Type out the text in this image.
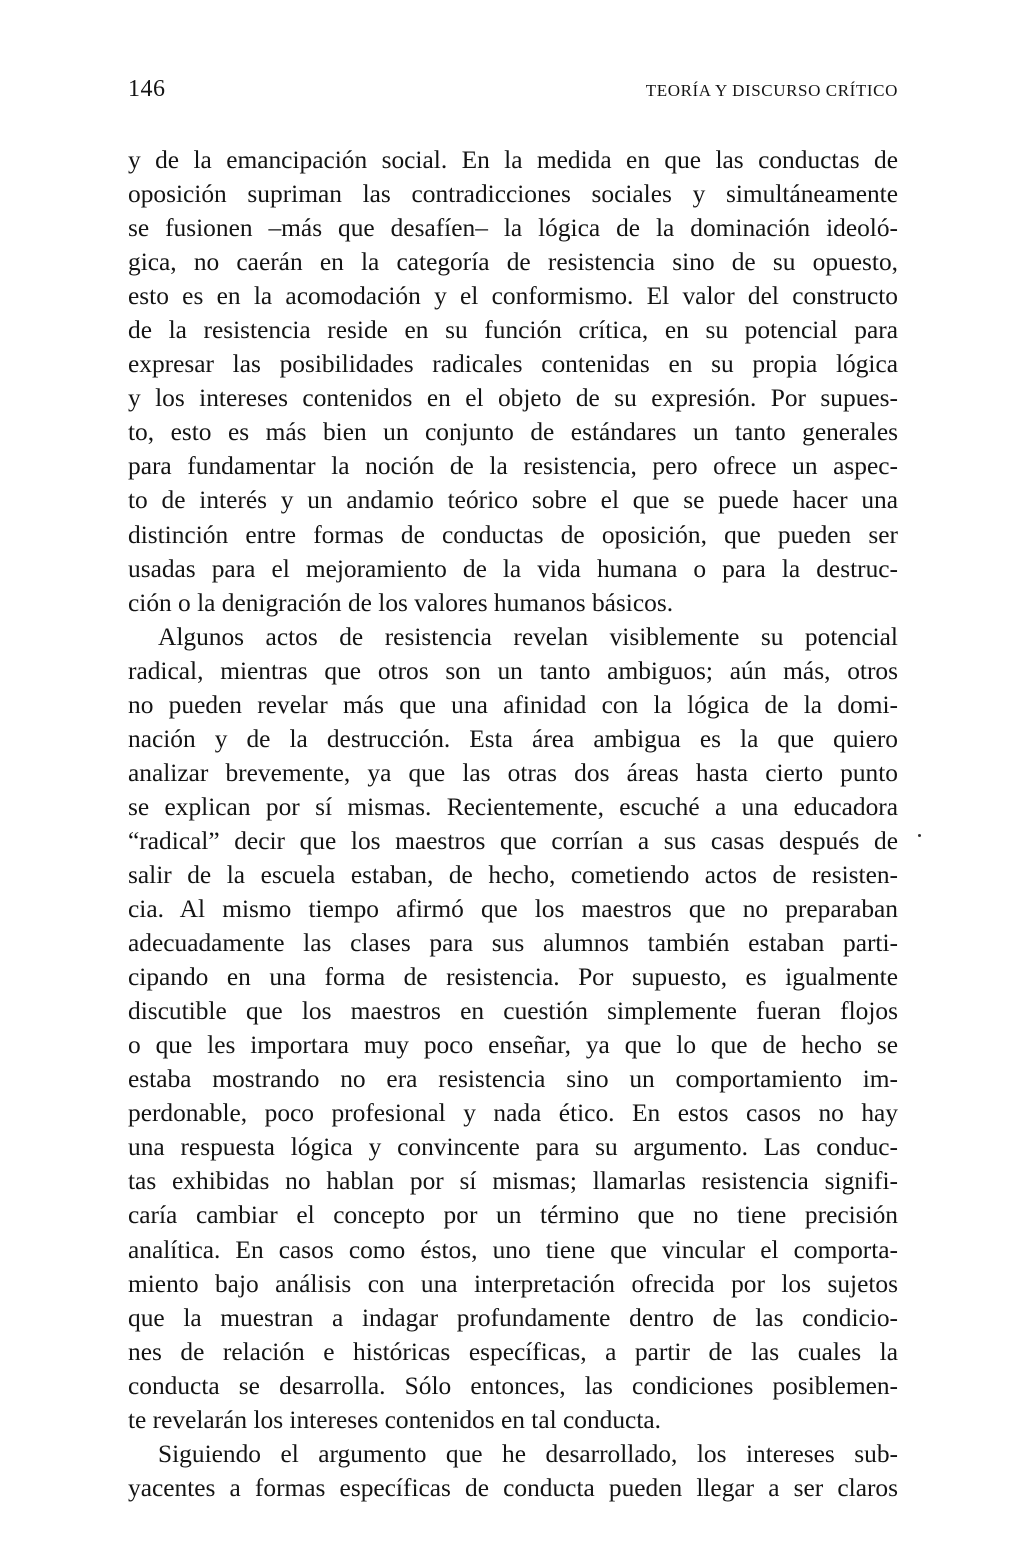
146	TEORÍA Y DISCURSO CRÍTICO
y de la emancipación social. En la medida en que las conductas de
oposición supriman las contradicciones sociales y simultáneamente
se fusionen –más que desafíen– la lógica de la dominación ideoló-
gica, no caerán en la categoría de resistencia sino de su opuesto,
esto es en la acomodación y el conformismo. El valor del constructo
de la resistencia reside en su función crítica, en su potencial para
expresar las posibilidades radicales contenidas en su propia lógica
y los intereses contenidos en el objeto de su expresión. Por supues-
to, esto es más bien un conjunto de estándares un tanto generales
para fundamentar la noción de la resistencia, pero ofrece un aspec-
to de interés y un andamio teórico sobre el que se puede hacer una
distinción entre formas de conductas de oposición, que pueden ser
usadas para el mejoramiento de la vida humana o para la destruc-
ción o la denigración de los valores humanos básicos.
Algunos actos de resistencia revelan visiblemente su potencial
radical, mientras que otros son un tanto ambiguos; aún más, otros
no pueden revelar más que una afinidad con la lógica de la domi-
nación y de la destrucción. Esta área ambigua es la que quiero
analizar brevemente, ya que las otras dos áreas hasta cierto punto
se explican por sí mismas. Recientemente, escuché a una educadora
“radical” decir que los maestros que corrían a sus casas después de
salir de la escuela estaban, de hecho, cometiendo actos de resisten-
cia. Al mismo tiempo afirmó que los maestros que no preparaban
adecuadamente las clases para sus alumnos también estaban parti-
cipando en una forma de resistencia. Por supuesto, es igualmente
discutible que los maestros en cuestión simplemente fueran flojos
o que les importara muy poco enseñar, ya que lo que de hecho se
estaba mostrando no era resistencia sino un comportamiento im-
perdonable, poco profesional y nada ético. En estos casos no hay
una respuesta lógica y convincente para su argumento. Las conduc-
tas exhibidas no hablan por sí mismas; llamarlas resistencia signifi-
caría cambiar el concepto por un término que no tiene precisión
analítica. En casos como éstos, uno tiene que vincular el comporta-
miento bajo análisis con una interpretación ofrecida por los sujetos
que la muestran a indagar profundamente dentro de las condicio-
nes de relación e históricas específicas, a partir de las cuales la
conducta se desarrolla. Sólo entonces, las condiciones posiblemen-
te revelarán los intereses contenidos en tal conducta.
Siguiendo el argumento que he desarrollado, los intereses sub-
yacentes a formas específicas de conducta pueden llegar a ser claros
